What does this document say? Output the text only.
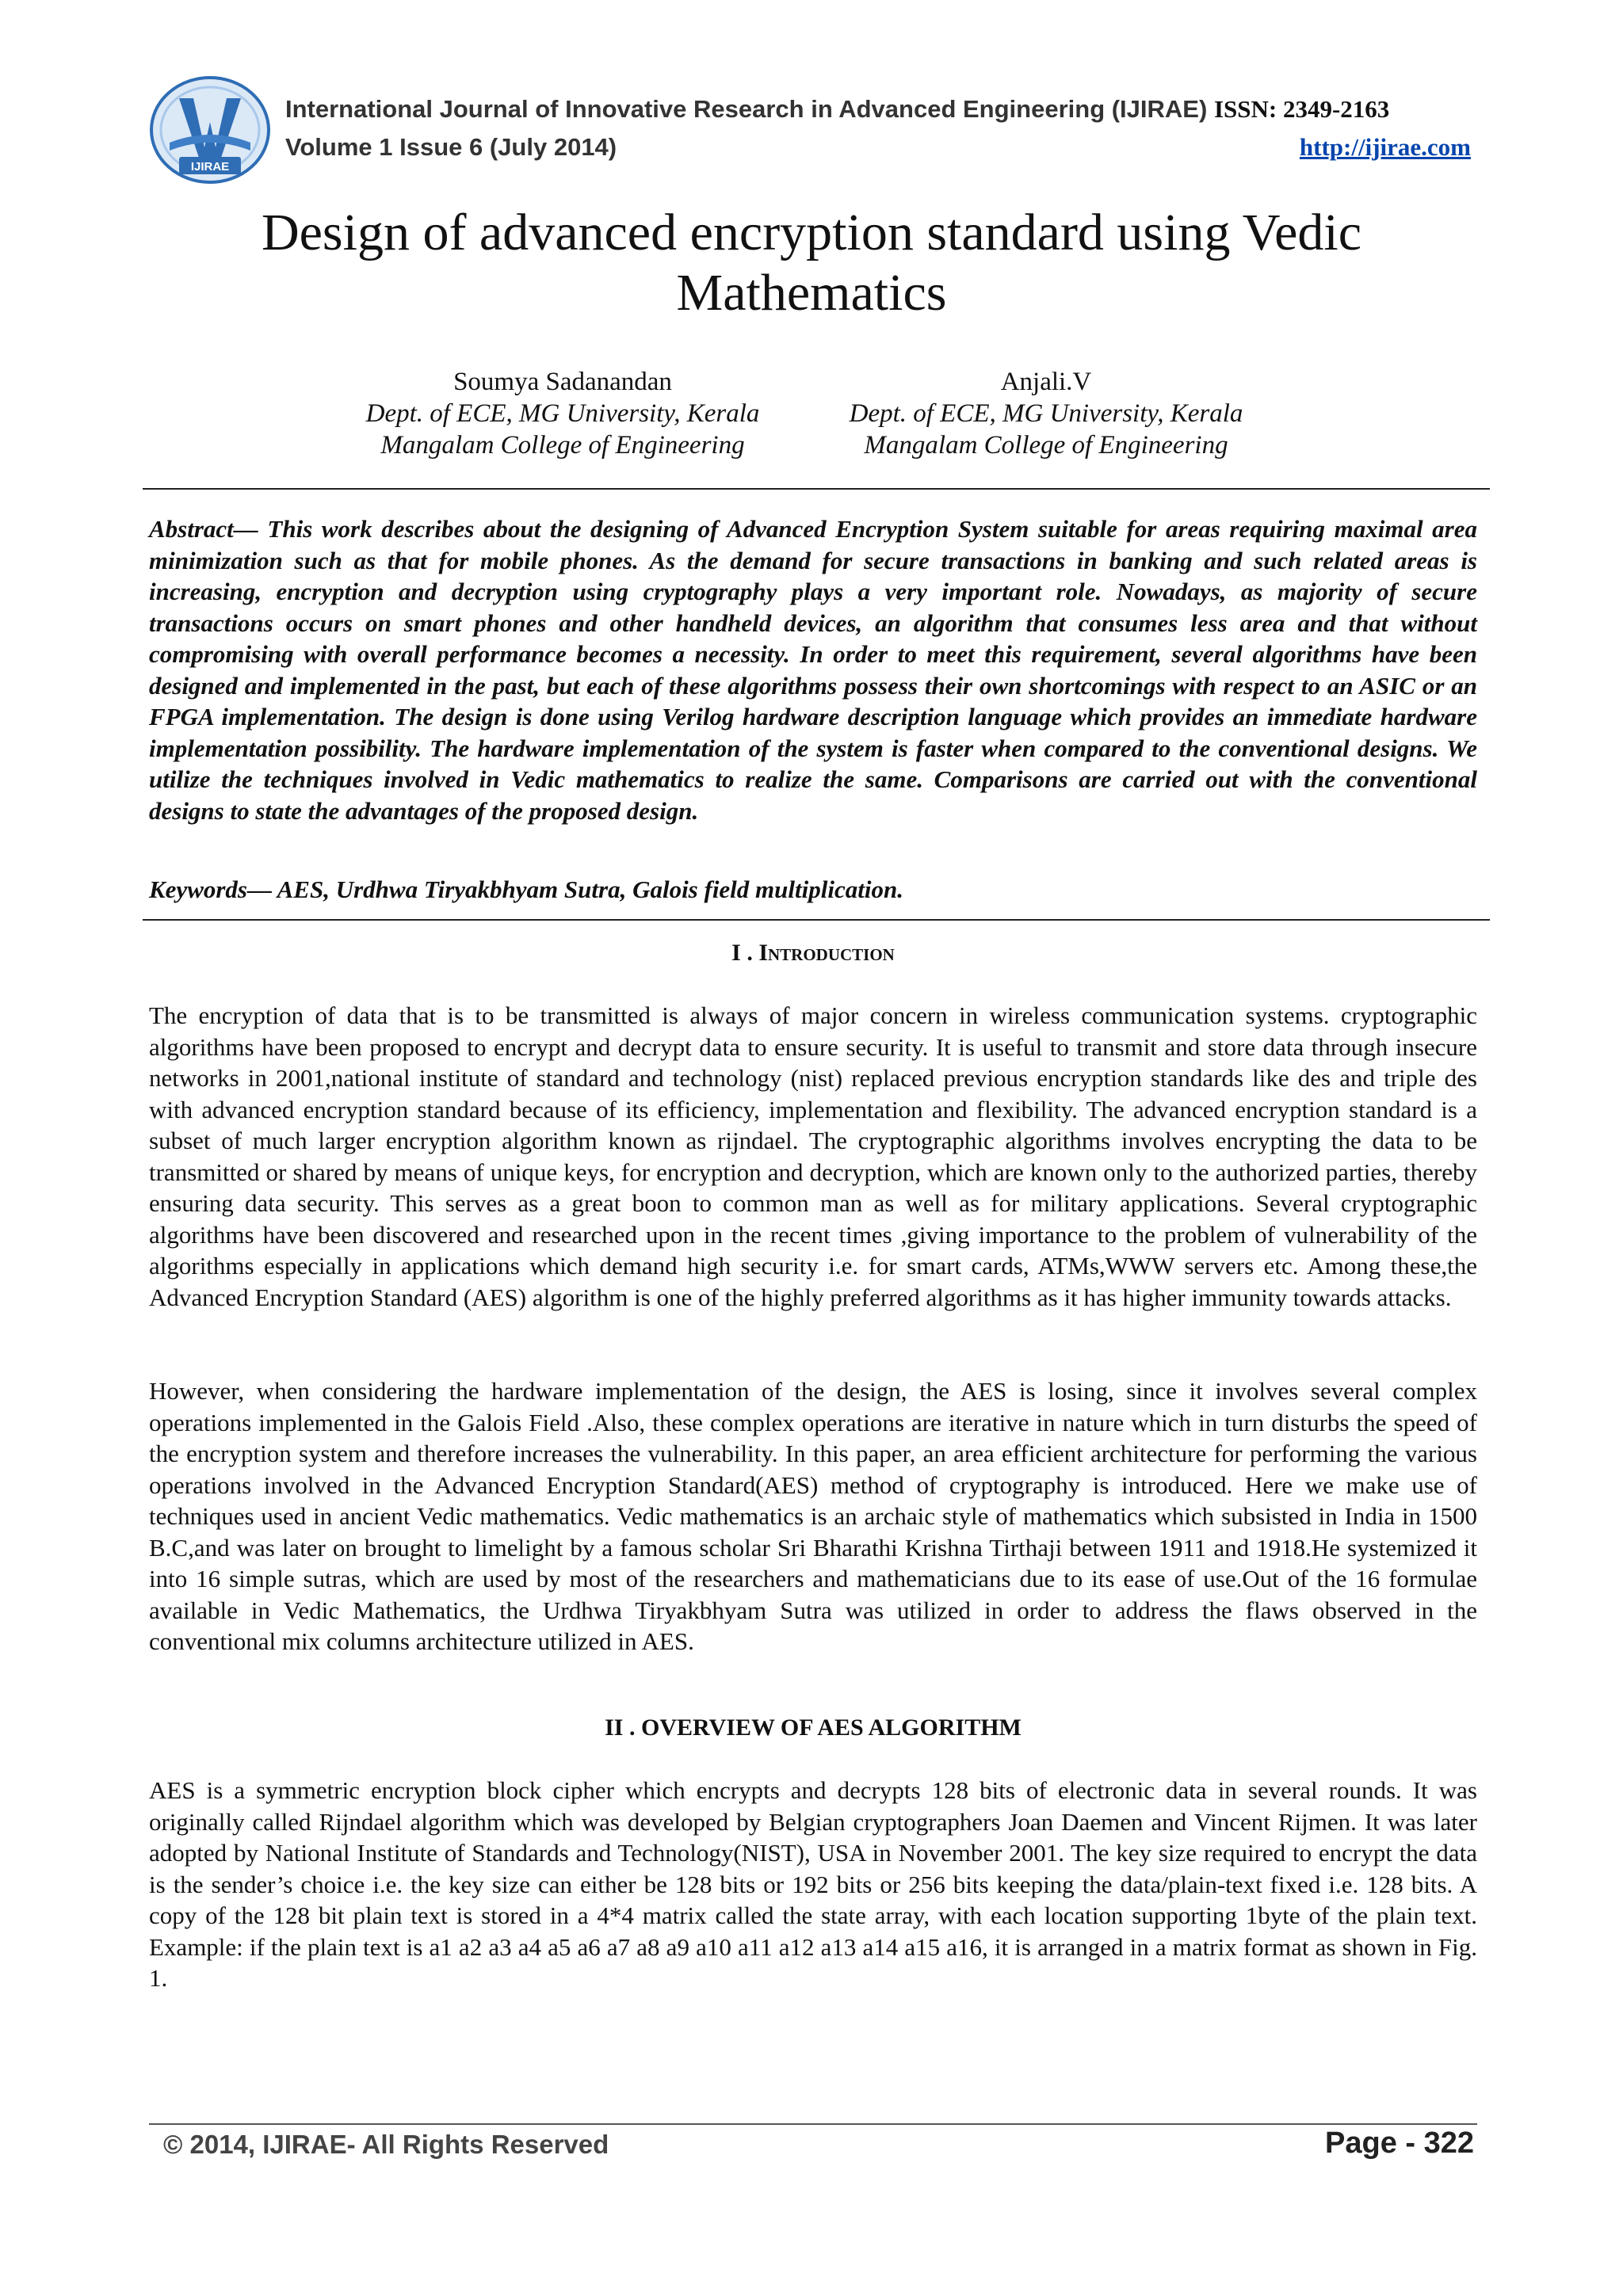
IJIRAE
International Journal of Innovative Research in Advanced Engineering (IJIRAE) ISSN: 2349-2163
Volume 1 Issue 6 (July 2014)	http://ijirae.com
Design of advanced encryption standard using Vedic
Mathematics
Soumya Sadanandan
Dept. of ECE, MG University, Kerala
Mangalam College of Engineering
Anjali.V
Dept. of ECE, MG University, Kerala
Mangalam College of Engineering
Abstract— This work describes about the designing of Advanced Encryption System suitable for areas requiring maximal area minimization such as that for mobile phones. As the demand for secure transactions in banking and such related areas is increasing, encryption and decryption using cryptography plays a very important role. Nowadays, as majority of secure transactions occurs on smart phones and other handheld devices, an algorithm that consumes less area and that without compromising with overall performance becomes a necessity. In order to meet this requirement, several algorithms have been designed and implemented in the past, but each of these algorithms possess their own shortcomings with respect to an ASIC or an FPGA implementation. The design is done using Verilog hardware description language which provides an immediate hardware implementation possibility. The hardware implementation of the system is faster when compared to the conventional designs. We utilize the techniques involved in Vedic mathematics to realize the same. Comparisons are carried out with the conventional designs to state the advantages of the proposed design.
Keywords— AES, Urdhwa Tiryakbhyam Sutra, Galois field multiplication.
I . Introduction
The encryption of data that is to be transmitted is always of major concern in wireless communication systems. cryptographic algorithms have been proposed to encrypt and decrypt data to ensure security. It is useful to transmit and store data through insecure networks in 2001,national institute of standard and technology (nist) replaced previous encryption standards like des and triple des with advanced encryption standard because of its efficiency, implementation and flexibility. The advanced encryption standard is a subset of much larger encryption algorithm known as rijndael. The cryptographic algorithms involves encrypting the data to be transmitted or shared by means of unique keys, for encryption and decryption, which are known only to the authorized parties, thereby ensuring data security. This serves as a great boon to common man as well as for military applications. Several cryptographic algorithms have been discovered and researched upon in the recent times ,giving importance to the problem of vulnerability of the algorithms especially in applications which demand high security i.e. for smart cards, ATMs,WWW servers etc. Among these,the Advanced Encryption Standard (AES) algorithm is one of the highly preferred algorithms as it has higher immunity towards attacks.
However, when considering the hardware implementation of the design, the AES is losing, since it involves several complex operations implemented in the Galois Field .Also, these complex operations are iterative in nature which in turn disturbs the speed of the encryption system and therefore increases the vulnerability. In this paper, an area efficient architecture for performing the various operations involved in the Advanced Encryption Standard(AES) method of cryptography is introduced. Here we make use of techniques used in ancient Vedic mathematics. Vedic mathematics is an archaic style of mathematics which subsisted in India in 1500 B.C,and was later on brought to limelight by a famous scholar Sri Bharathi Krishna Tirthaji between 1911 and 1918.He systemized it into 16 simple sutras, which are used by most of the researchers and mathematicians due to its ease of use.Out of the 16 formulae available in Vedic Mathematics, the Urdhwa Tiryakbhyam Sutra was utilized in order to address the flaws observed in the conventional mix columns architecture utilized in AES.
II . OVERVIEW OF AES ALGORITHM
AES is a symmetric encryption block cipher which encrypts and decrypts 128 bits of electronic data in several rounds. It was originally called Rijndael algorithm which was developed by Belgian cryptographers Joan Daemen and Vincent Rijmen. It was later adopted by National Institute of Standards and Technology(NIST), USA in November 2001. The key size required to encrypt the data is the sender’s choice i.e. the key size can either be 128 bits or 192 bits or 256 bits keeping the data/plain-text fixed i.e. 128 bits. A copy of the 128 bit plain text is stored in a 4*4 matrix called the state array, with each location supporting 1byte of the plain text. Example: if the plain text is a1 a2 a3 a4 a5 a6 a7 a8 a9 a10 a11 a12 a13 a14 a15 a16, it is arranged in a matrix format as shown in Fig. 1.
© 2014, IJIRAE- All Rights Reserved	Page - 322
